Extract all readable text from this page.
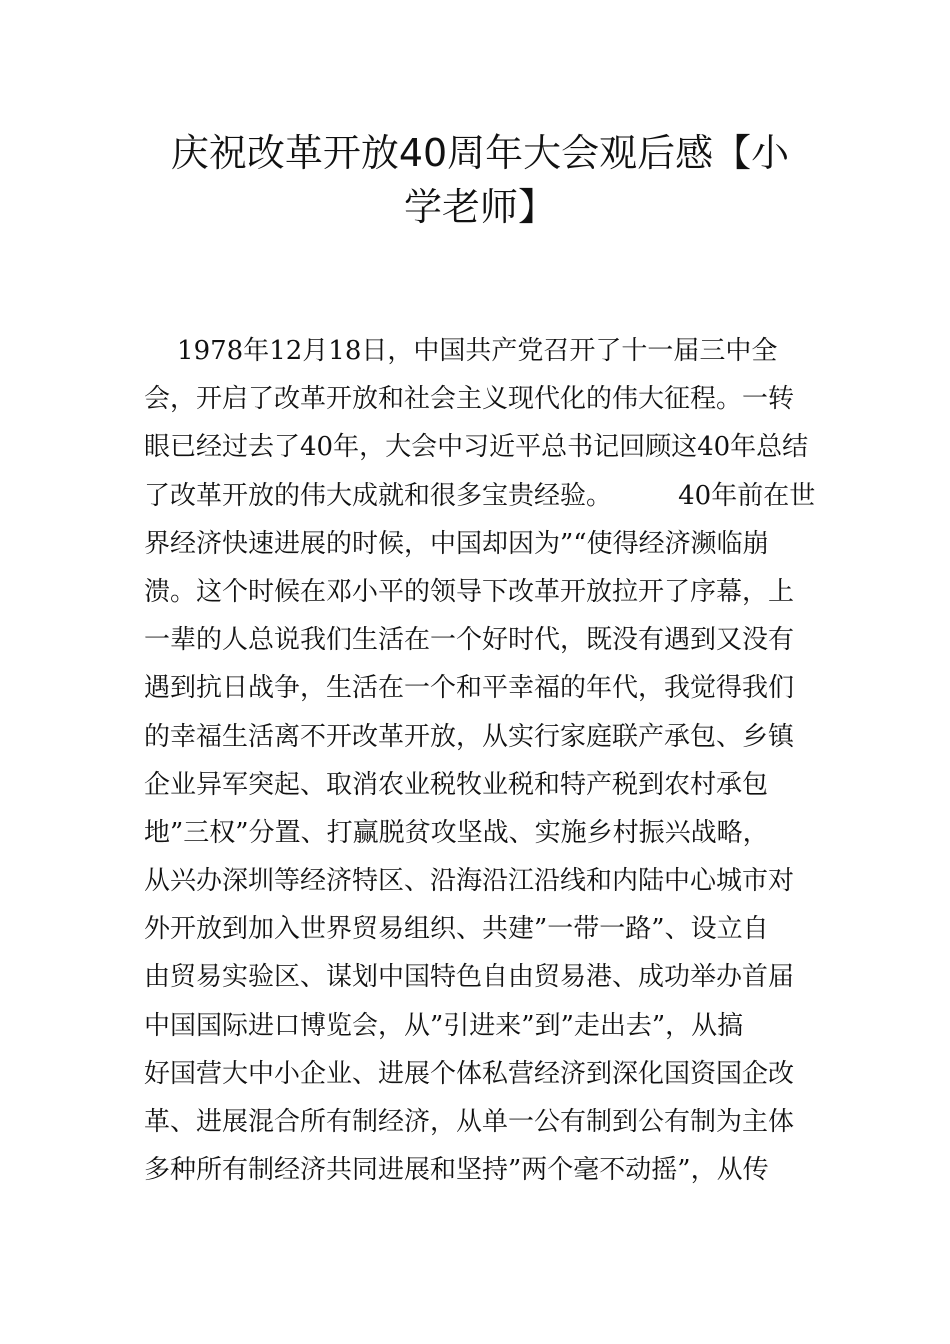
庆祝改革开放40周年大会观后感【小
学老师】
1978年12月18日，中国共产党召开了十一届三中全
会，开启了改革开放和社会主义现代化的伟大征程。一转
眼已经过去了40年，大会中习近平总书记回顾这40年总结
了改革开放的伟大成就和很多宝贵经验。        40年前在世
界经济快速进展的时候，中国却因为”“使得经济濒临崩
溃。这个时候在邓小平的领导下改革开放拉开了序幕，上
一辈的人总说我们生活在一个好时代，既没有遇到又没有
遇到抗日战争，生活在一个和平幸福的年代，我觉得我们
的幸福生活离不开改革开放，从实行家庭联产承包、乡镇
企业异军突起、取消农业税牧业税和特产税到农村承包
地”三权”分置、打赢脱贫攻坚战、实施乡村振兴战略，
从兴办深圳等经济特区、沿海沿江沿线和内陆中心城市对
外开放到加入世界贸易组织、共建”一带一路”、设立自
由贸易实验区、谋划中国特色自由贸易港、成功举办首届
中国国际进口博览会，从”引进来”到”走出去”，从搞
好国营大中小企业、进展个体私营经济到深化国资国企改
革、进展混合所有制经济，从单一公有制到公有制为主体
多种所有制经济共同进展和坚持”两个毫不动摇”，从传
